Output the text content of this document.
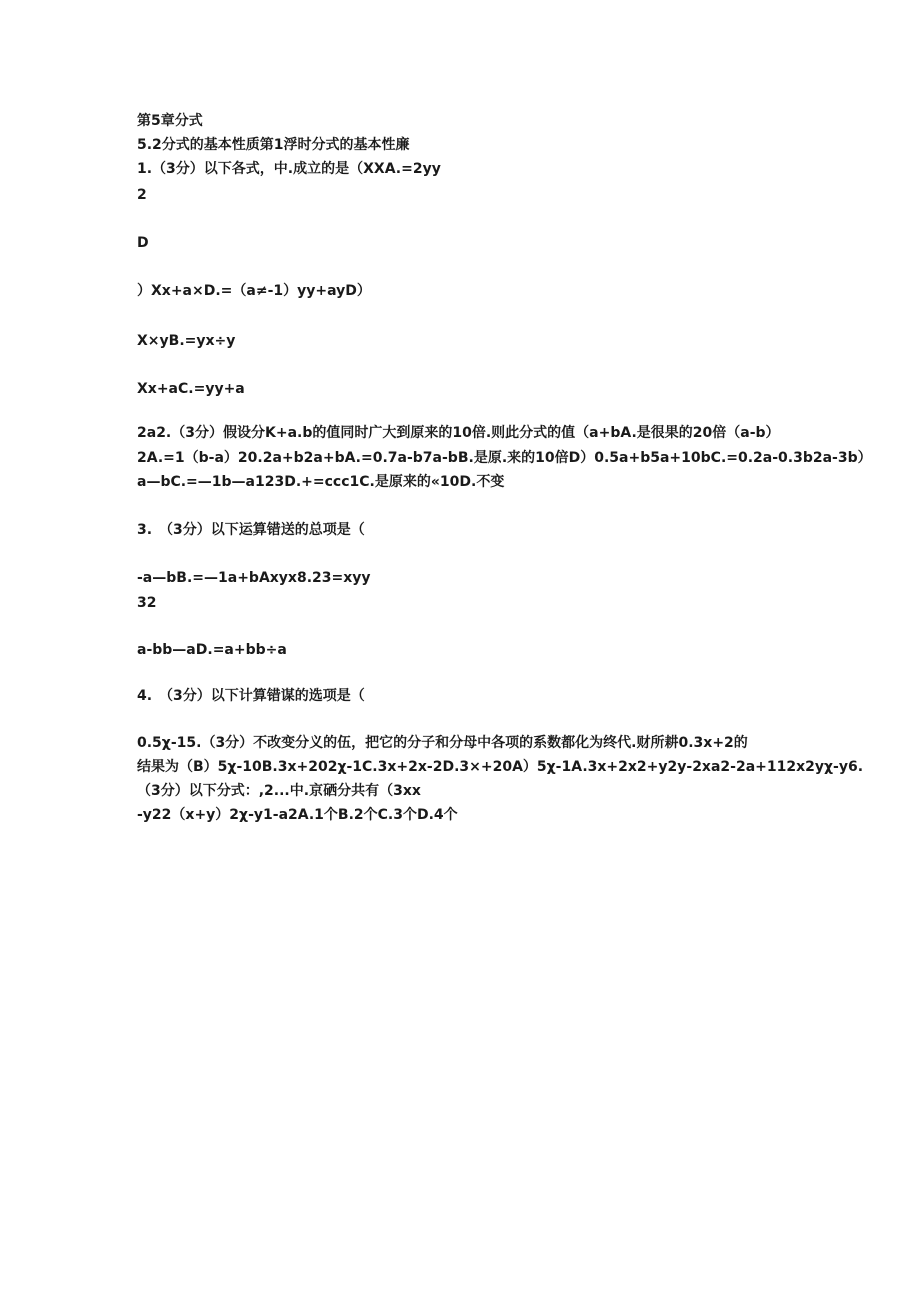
第5章分式
5.2分式的基本性质第1浮时分式的基本性廉
1.（3分）以下各式，中.成立的是（XXA.=2yy
2
D
）Xx+a×D.=（a≠-1）yy+ayD）
X×yB.=yx÷y
Xx+aC.=yy+a
2a2.（3分）假设分K+a.b的值同时广大到原来的10倍.则此分式的值（a+bA.是很果的20倍（a-b）
2A.=1（b-a）20.2a+b2a+bA.=0.7a-b7a-bB.是原.来的10倍D）0.5a+b5a+10bC.=0.2a-0.3b2a-3b）
a—bC.=—1b—a123D.+=ccc1C.是原来的«10D.不变
3.　（3分）以下运算错送的总项是（
-a—bB.=—1a+bAxyx8.23=xyy
32
a-bb—aD.=a+bb÷a
4.　（3分）以下计算错谋的选项是（
0.5χ-15.（3分）不改变分义的伍，把它的分子和分母中各项的系数都化为终代.财所耕0.3x+2的
结果为（B）5χ-10B.3x+202χ-1C.3x+2x-2D.3×+20A）5χ-1A.3x+2x2+y2y-2xa2-2a+112x2yχ-y6.
（3分）以下分式：,2...中.京硒分共有（3xx
-y22（x+y）2χ-y1-a2A.1个B.2个C.3个D.4个
